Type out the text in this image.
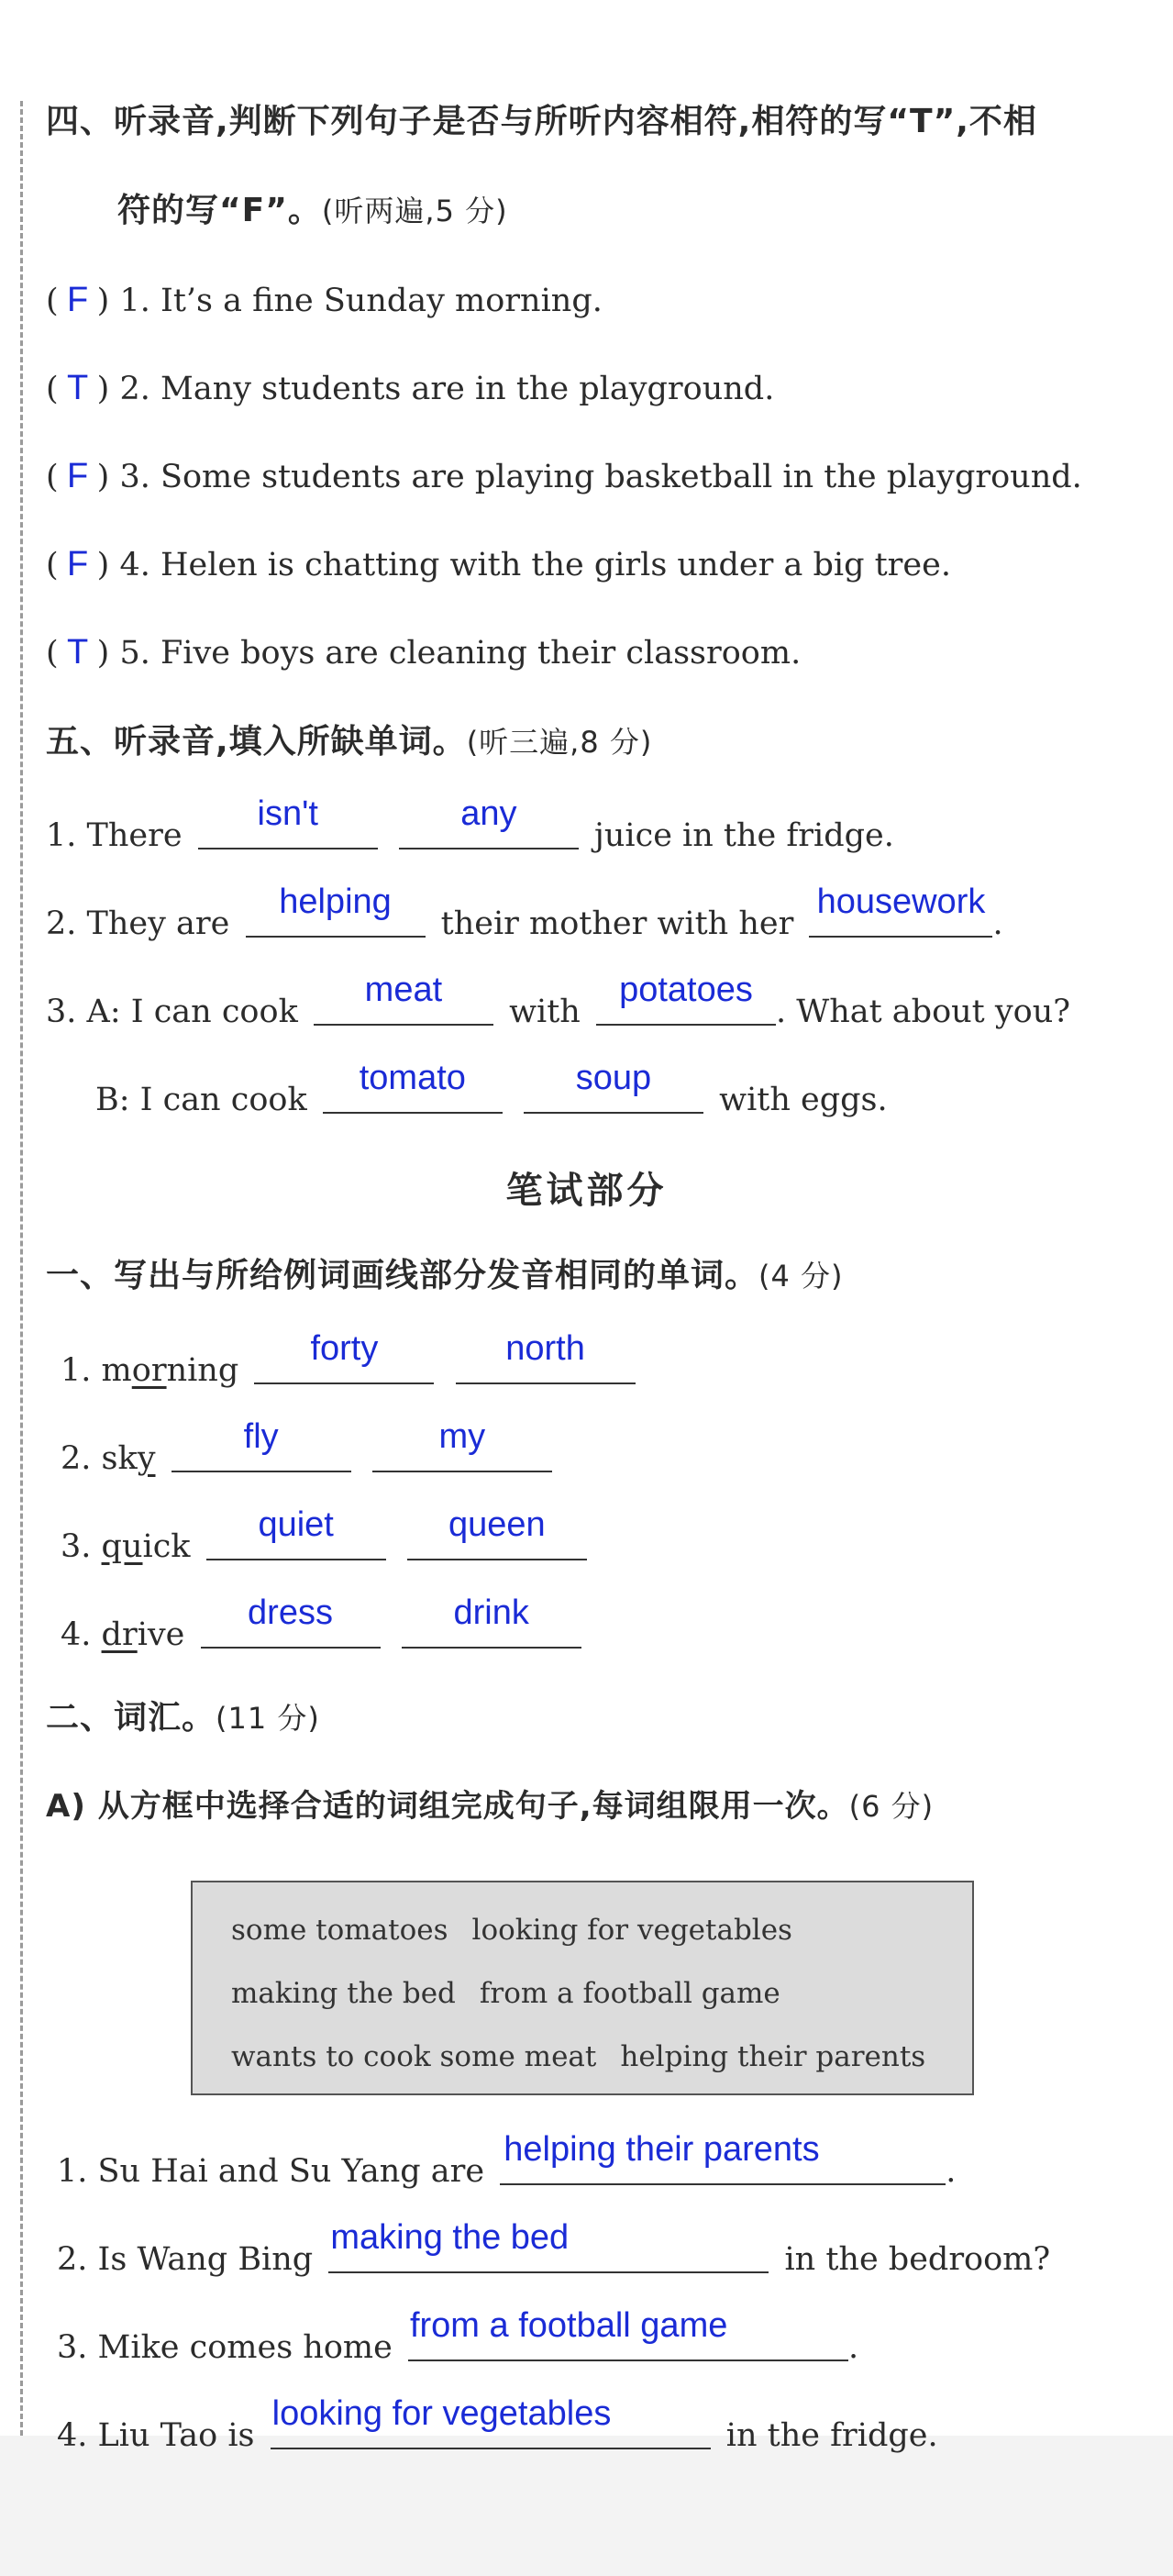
四、听录音,判断下列句子是否与所听内容相符,相符的写“T”,不相
符的写“F”。(听两遍,5 分)
( F ) 1. It’s a fine Sunday morning.
( T ) 2. Many students are in the playground.
( F ) 3. Some students are playing basketball in the playground.
( F ) 4. Helen is chatting with the girls under a big tree.
( T ) 5. Five boys are cleaning their classroom.
五、听录音,填入所缺单词。(听三遍,8 分)
1. There
isn't
	any
juice in the fridge.
2. They are
helping
their mother with her
housework
.
3. A: I can cook
meat
with
potatoes
. What about you?
B: I can cook
tomato
	soup
with eggs.
笔试部分
一、写出与所给例词画线部分发音相同的单词。(4 分)
1. morning
forty
	north
2. sky
fly
	my
3. quick
quiet
	queen
4. drive
dress
	drink
二、词汇。(11 分)
A) 从方框中选择合适的词组完成句子,每词组限用一次。(6 分)
some tomatoes looking for vegetables
making the bed from a football game
wants to cook some meat helping their parents
1. Su Hai and Su Yang are
helping their parents
.
2. Is Wang Bing
making the bed
in the bedroom?
3. Mike comes home
from a football game
.
4. Liu Tao is
looking for vegetables
in the fridge.
